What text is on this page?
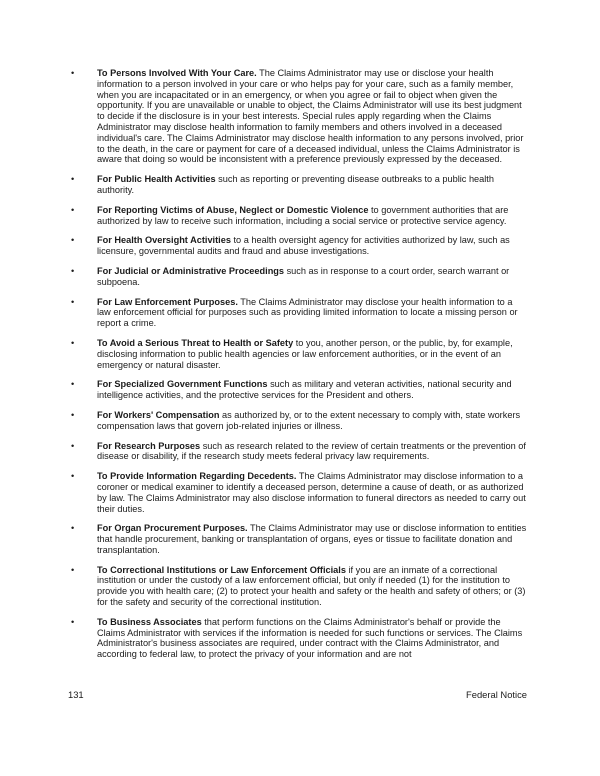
• To Persons Involved With Your Care. The Claims Administrator may use or disclose your health information to a person involved in your care or who helps pay for your care, such as a family member, when you are incapacitated or in an emergency, or when you agree or fail to object when given the opportunity. If you are unavailable or unable to object, the Claims Administrator will use its best judgment to decide if the disclosure is in your best interests. Special rules apply regarding when the Claims Administrator may disclose health information to family members and others involved in a deceased individual's care. The Claims Administrator may disclose health information to any persons involved, prior to the death, in the care or payment for care of a deceased individual, unless the Claims Administrator is aware that doing so would be inconsistent with a preference previously expressed by the deceased.
• For Public Health Activities such as reporting or preventing disease outbreaks to a public health authority.
• For Reporting Victims of Abuse, Neglect or Domestic Violence to government authorities that are authorized by law to receive such information, including a social service or protective service agency.
• For Health Oversight Activities to a health oversight agency for activities authorized by law, such as licensure, governmental audits and fraud and abuse investigations.
• For Judicial or Administrative Proceedings such as in response to a court order, search warrant or subpoena.
• For Law Enforcement Purposes. The Claims Administrator may disclose your health information to a law enforcement official for purposes such as providing limited information to locate a missing person or report a crime.
• To Avoid a Serious Threat to Health or Safety to you, another person, or the public, by, for example, disclosing information to public health agencies or law enforcement authorities, or in the event of an emergency or natural disaster.
• For Specialized Government Functions such as military and veteran activities, national security and intelligence activities, and the protective services for the President and others.
• For Workers' Compensation as authorized by, or to the extent necessary to comply with, state workers compensation laws that govern job-related injuries or illness.
• For Research Purposes such as research related to the review of certain treatments or the prevention of disease or disability, if the research study meets federal privacy law requirements.
• To Provide Information Regarding Decedents. The Claims Administrator may disclose information to a coroner or medical examiner to identify a deceased person, determine a cause of death, or as authorized by law. The Claims Administrator may also disclose information to funeral directors as needed to carry out their duties.
• For Organ Procurement Purposes. The Claims Administrator may use or disclose information to entities that handle procurement, banking or transplantation of organs, eyes or tissue to facilitate donation and transplantation.
• To Correctional Institutions or Law Enforcement Officials if you are an inmate of a correctional institution or under the custody of a law enforcement official, but only if needed (1) for the institution to provide you with health care; (2) to protect your health and safety or the health and safety of others; or (3) for the safety and security of the correctional institution.
• To Business Associates that perform functions on the Claims Administrator's behalf or provide the Claims Administrator with services if the information is needed for such functions or services. The Claims Administrator's business associates are required, under contract with the Claims Administrator, and according to federal law, to protect the privacy of your information and are not
131	Federal Notice
